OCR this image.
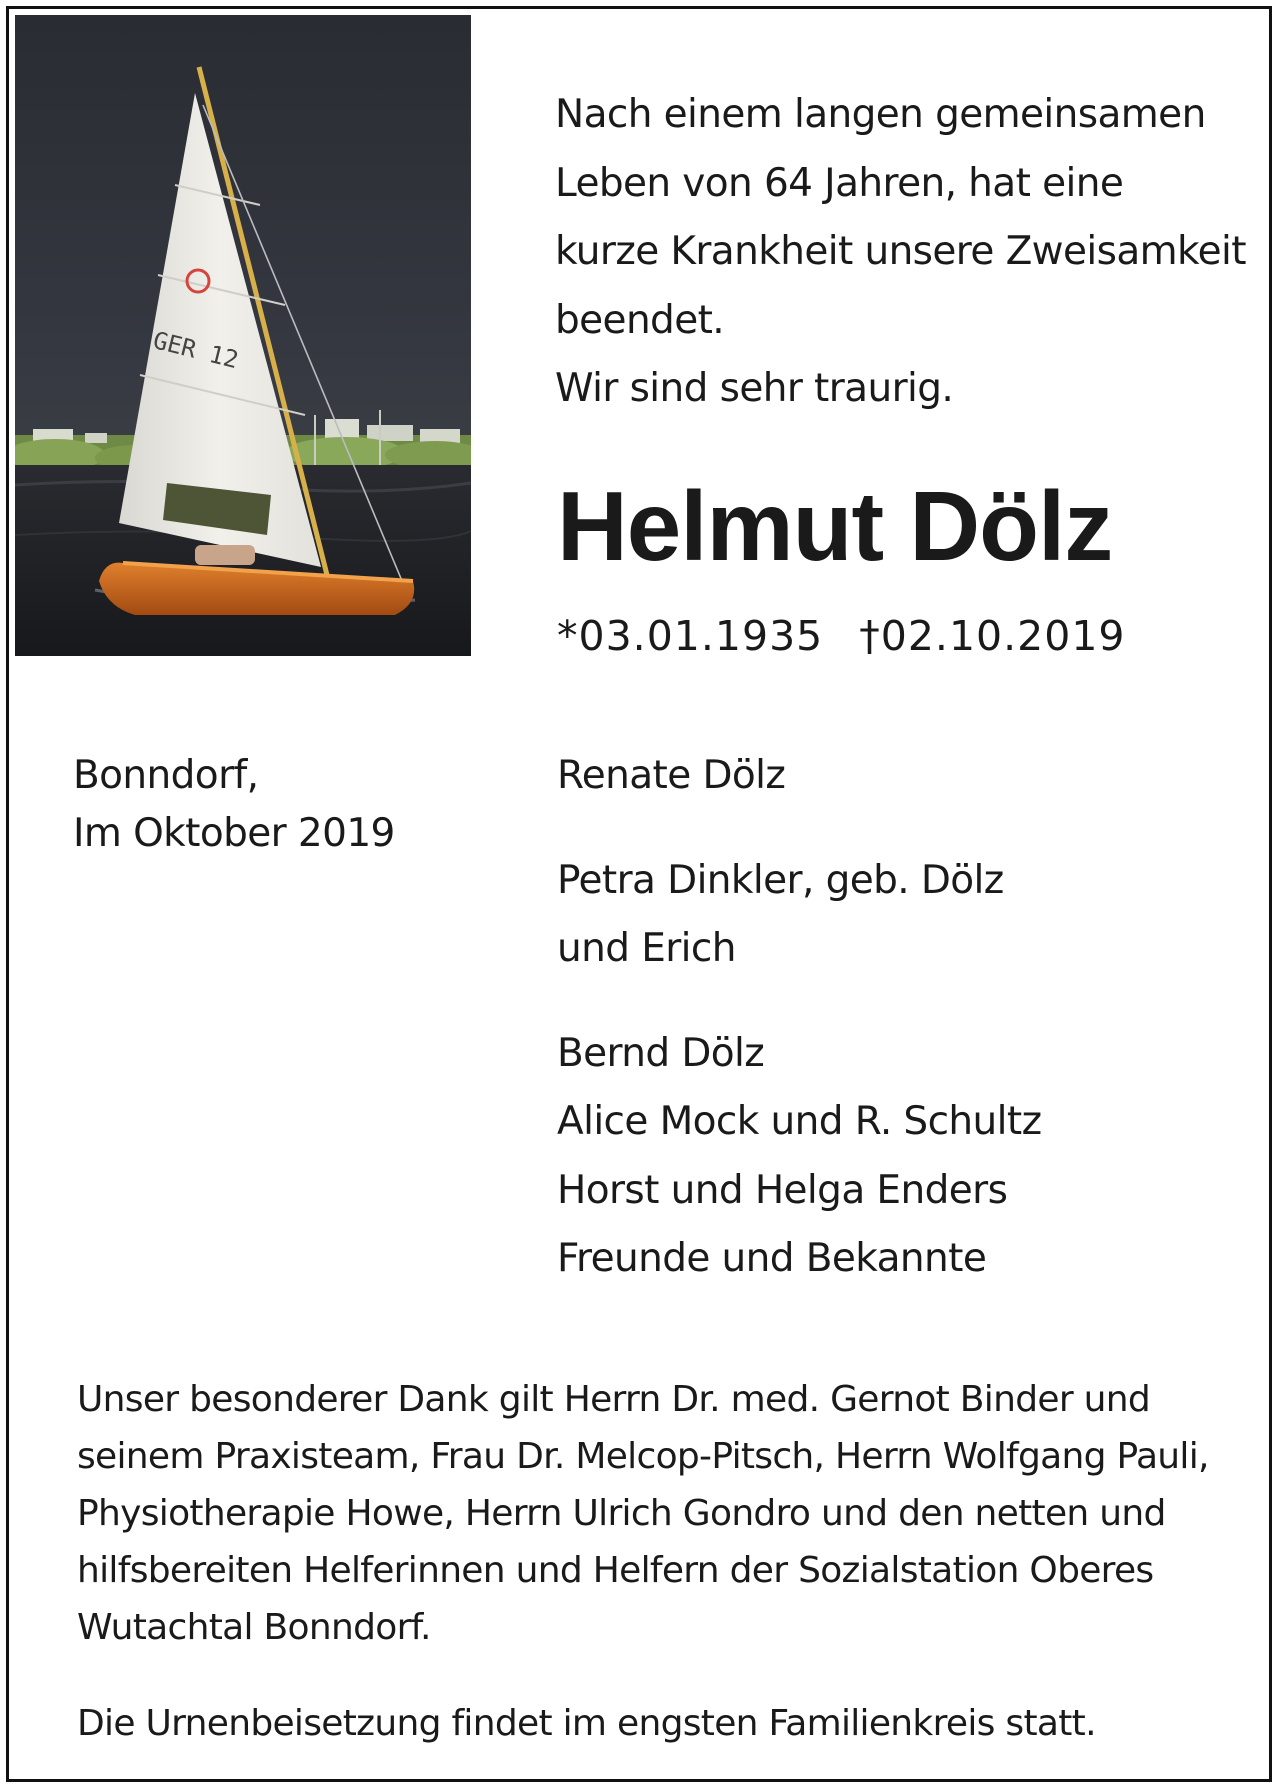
GER 12
Nach einem langen gemeinsamen
Leben von 64 Jahren, hat eine
kurze Krankheit unsere Zweisamkeit
beendet.
Wir sind sehr traurig.
Helmut Dölz
*03.01.1935 †02.10.2019
Bonndorf,
Im Oktober 2019
Renate Dölz
Petra Dinkler, geb. Dölz
und Erich
Bernd Dölz
Alice Mock und R. Schultz
Horst und Helga Enders
Freunde und Bekannte
Unser besonderer Dank gilt Herrn Dr. med. Gernot Binder und
seinem Praxisteam, Frau Dr. Melcop-Pitsch, Herrn Wolfgang Pauli,
Physiotherapie Howe, Herrn Ulrich Gondro und den netten und
hilfsbereiten Helferinnen und Helfern der Sozialstation Oberes
Wutachtal Bonndorf.
Die Urnenbeisetzung findet im engsten Familienkreis statt.
